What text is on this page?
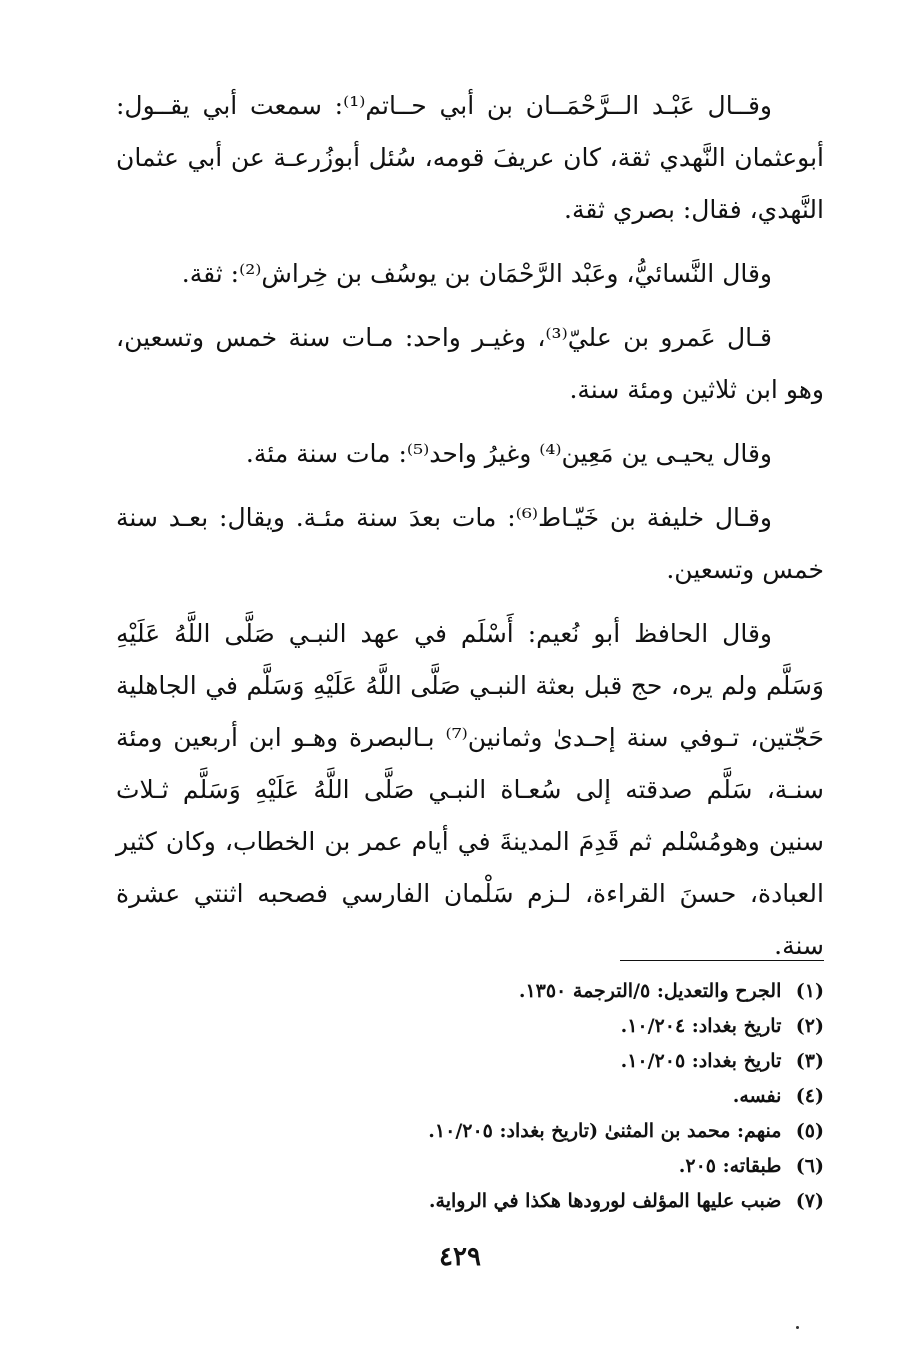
وقــال عَبْـد الــرَّحْمَــان بن أبي حــاتم⁽¹⁾: سمعت أبي يقــول: أبوعثمان النَّهدي ثقة، كان عريفَ قومه، سُئل أبوزُرعـة عن أبي عثمان النَّهدي، فقال: بصري ثقة.

وقال النَّسائيُّ، وعَبْد الرَّحْمَان بن يوسُف بن خِراش⁽²⁾: ثقة.

قـال عَمرو بن عليّ⁽³⁾، وغيـر واحد: مـات سنة خمس وتسعين، وهو ابن ثلاثين ومئة سنة.

وقال يحيـى ين مَعِين⁽⁴⁾ وغيرُ واحد⁽⁵⁾: مات سنة مئة.

وقـال خليفة بن خَيّـاط⁽⁶⁾: مات بعدَ سنة مئـة. ويقال: بعـد سنة خمس وتسعين.

وقال الحافظ أبو نُعيم: أَسْلَم في عهد النبـي صَلَّى اللَّهُ عَلَيْهِ وَسَلَّم ولم يره، حج قبل بعثة النبـي صَلَّى اللَّهُ عَلَيْهِ وَسَلَّم في الجاهلية حَجّتين، تـوفي سنة إحـدىٰ وثمانين⁽⁷⁾ بـالبصرة وهـو ابن أربعين ومئة سنـة، سَلَّم صدقته إلى سُعـاة النبـي صَلَّى اللَّهُ عَلَيْهِ وَسَلَّم ثـلاث سنين وهومُسْلم ثم قَدِمَ المدينةَ في أيام عمر بن الخطاب، وكان كثير العبادة، حسنَ القراءة، لـزم سَلْمان الفارسي فصحبه اثنتي عشرة سنة.

(١) الجرح والتعديل: ٥/الترجمة ١٣٥٠.
(٢) تاريخ بغداد: ١٠/٢٠٤.
(٣) تاريخ بغداد: ١٠/٢٠٥.
(٤) نفسه.
(٥) منهم: محمد بن المثنىٰ (تاريخ بغداد: ١٠/٢٠٥.
(٦) طبقاته: ٢٠٥.
(٧) ضبب عليها المؤلف لورودها هكذا في الرواية.
٤٢٩
